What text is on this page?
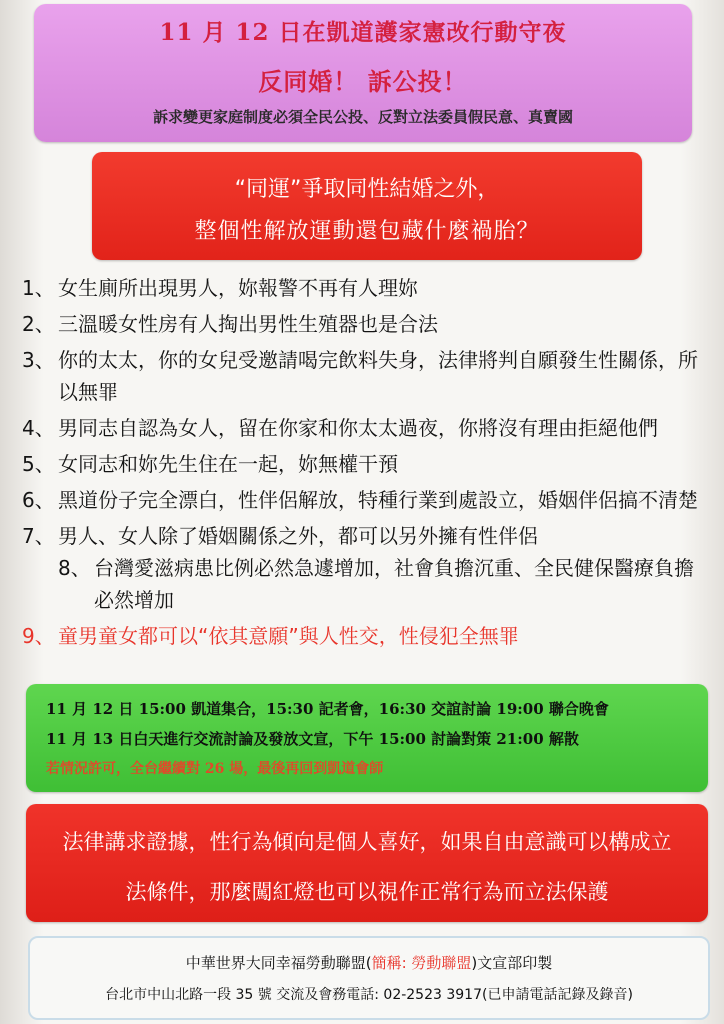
11 月 12 日在凱道護家憲改行動守夜
反同婚！ 訴公投！
訴求變更家庭制度必須全民公投、反對立法委員假民意、真賣國
“同運”爭取同性結婚之外，
整個性解放運動還包藏什麼禍胎？

1、 女生廁所出現男人，妳報警不再有人理妳

2、 三溫暖女性房有人掏出男性生殖器也是合法

3、 你的太太，你的女兒受邀請喝完飲料失身，法律將判自願發生性關係，所以無罪

4、 男同志自認為女人，留在你家和你太太過夜，你將沒有理由拒絕他們

5、 女同志和妳先生住在一起，妳無權干預

6、 黑道份子完全漂白，性伴侶解放，特種行業到處設立，婚姻伴侶搞不清楚

7、 男人、女人除了婚姻關係之外，都可以另外擁有性伴侶

8、 台灣愛滋病患比例必然急遽增加，社會負擔沉重、全民健保醫療負擔必然增加

9、 童男童女都可以“依其意願”與人性交，性侵犯全無罪

11 月 12 日 15:00 凱道集合，15:30 記者會，16:30 交誼討論 19:00 聯合晚會
11 月 13 日白天進行交流討論及發放文宣，下午 15:00 討論對策 21:00 解散
若情況許可，全台繼續對 26 場，最後再回到凱道會師
法律講求證據，性行為傾向是個人喜好，如果自由意識可以構成立
法條件，那麼闖紅燈也可以視作正常行為而立法保護
中華世界大同幸福勞動聯盟(簡稱: 勞動聯盟)文宣部印製
台北市中山北路一段 35 號 交流及會務電話: 02-2523 3917(已申請電話記錄及錄音)
